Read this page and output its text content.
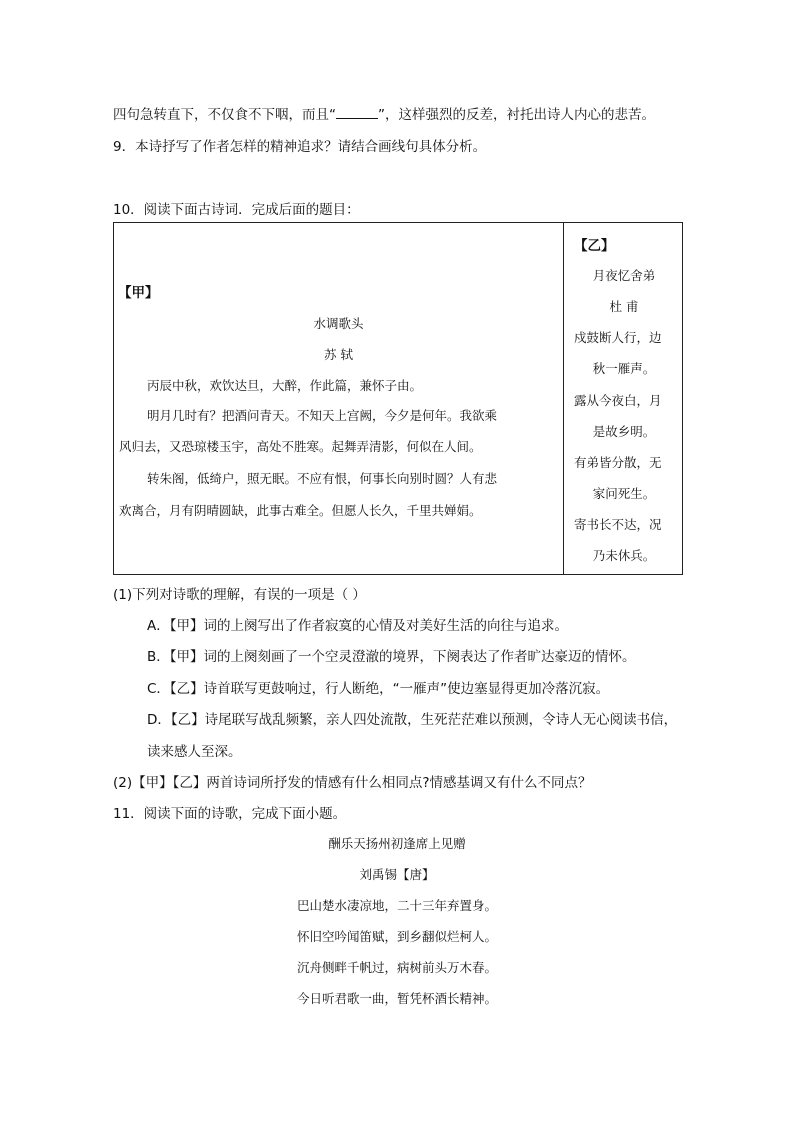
四句急转直下，不仅食不下咽，而且“	”，这样强烈的反差，衬托出诗人内心的悲苦。
9．本诗抒写了作者怎样的精神追求？请结合画线句具体分析。
10．阅读下面古诗词．完成后面的题目：
【甲】
水调歌头
苏 轼
丙辰中秋，欢饮达旦，大醉，作此篇，兼怀子由。
明月几时有？把酒问青天。不知天上宫阙，今夕是何年。我欲乘
风归去，又恐琼楼玉宇，高处不胜寒。起舞弄清影，何似在人间。
转朱阁，低绮户，照无眠。不应有恨，何事长向别时圆？人有悲
欢离合，月有阴晴圆缺，此事古难全。但愿人长久，千里共婵娟。

【乙】
月夜忆舍弟
杜 甫
戍鼓断人行，边
秋一雁声。
露从今夜白，月
是故乡明。
有弟皆分散，无
家问死生。
寄书长不达，况
乃未休兵。
(1)下列对诗歌的理解，有误的一项是（ ）
A．【甲】词的上阕写出了作者寂寞的心情及对美好生活的向往与追求。
B．【甲】词的上阕刻画了一个空灵澄澈的境界，下阕表达了作者旷达豪迈的情怀。
C．【乙】诗首联写更鼓响过，行人断绝，“一雁声”使边塞显得更加冷落沉寂。
D．【乙】诗尾联写战乱频繁，亲人四处流散，生死茫茫难以预测，令诗人无心阅读书信，
读来感人至深。
(2)【甲】【乙】两首诗词所抒发的情感有什么相同点?情感基调又有什么不同点？
11．阅读下面的诗歌，完成下面小题。
酬乐天扬州初逢席上见赠
刘禹锡【唐】
巴山楚水凄凉地，二十三年弃置身。
怀旧空吟闻笛赋，到乡翻似烂柯人。
沉舟侧畔千帆过，病树前头万木春。
今日听君歌一曲，暂凭杯酒长精神。
